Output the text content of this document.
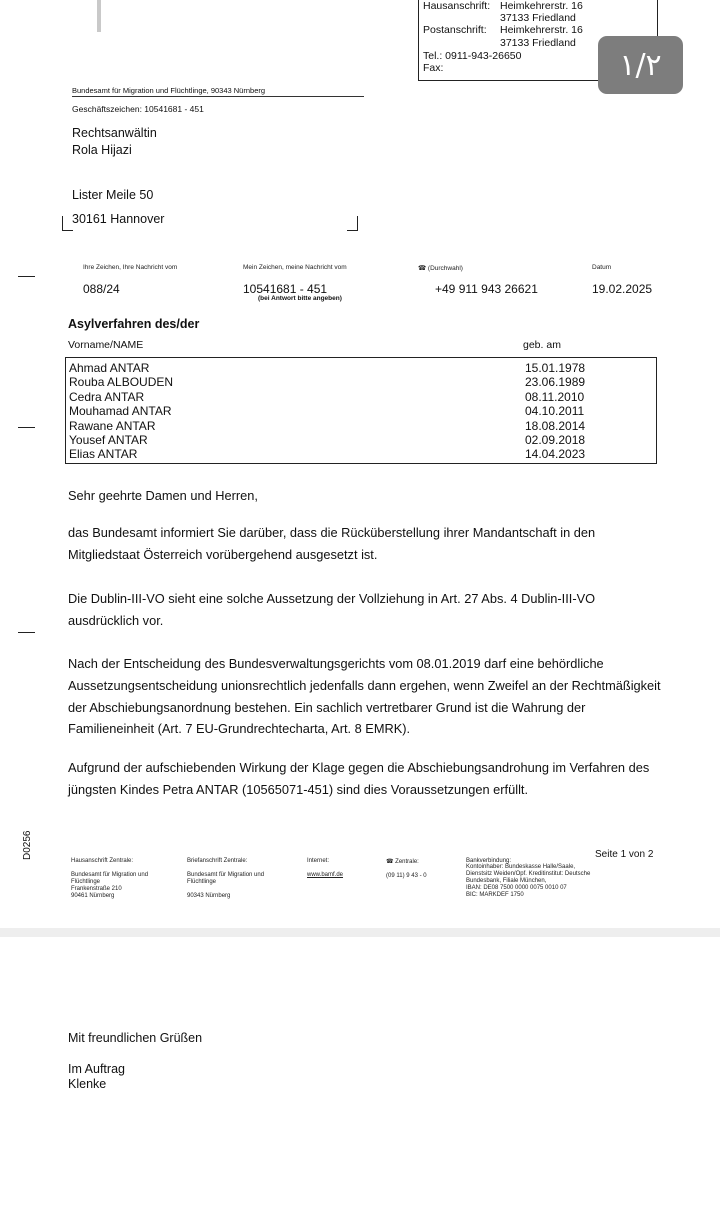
Hausanschrift: Heimkehrerstr. 16
37133 Friedland
Postanschrift: Heimkehrerstr. 16
37133 Friedland
Tel.: 0911-943-26650
Fax:	١/٢
Bundesamt für Migration und Flüchtlinge, 90343 Nürnberg
Geschäftszeichen: 10541681 - 451
Rechtsanwältin
Rola Hijazi
Lister Meile 50
30161 Hannover
Ihre Zeichen, Ihre Nachricht vom	Mein Zeichen, meine Nachricht vom	☎ (Durchwahl)	Datum
088/24	10541681 - 451
(bei Antwort bitte angeben)
+49 911 943 26621	19.02.2025
Asylverfahren des/der
Vorname/NAME	geb. am
Ahmad ANTAR	15.01.1978
Rouba ALBOUDEN	23.06.1989
Cedra ANTAR	08.11.2010
Mouhamad ANTAR	04.10.2011
Rawane ANTAR	18.08.2014
Yousef ANTAR	02.09.2018
Elias ANTAR	14.04.2023
Sehr geehrte Damen und Herren,
das Bundesamt informiert Sie darüber, dass die Rücküberstellung ihrer Mandantschaft in den Mitgliedstaat Österreich vorübergehend ausgesetzt ist.
Die Dublin-III-VO sieht eine solche Aussetzung der Vollziehung in Art. 27 Abs. 4 Dublin-III-VO ausdrücklich vor.
Nach der Entscheidung des Bundesverwaltungsgerichts vom 08.01.2019 darf eine behördliche Aussetzungsentscheidung unionsrechtlich jedenfalls dann ergehen, wenn Zweifel an der Rechtmäßigkeit der Abschiebungsanordnung bestehen. Ein sachlich vertretbarer Grund ist die Wahrung der Familieneinheit (Art. 7 EU-Grundrechtecharta, Art. 8 EMRK).
Aufgrund der aufschiebenden Wirkung der Klage gegen die Abschiebungsandrohung im Verfahren des jüngsten Kindes Petra ANTAR (10565071-451) sind dies Voraussetzungen erfüllt.
D0256	Seite 1 von 2
Hausanschrift Zentrale:
Bundesamt für Migration und
Flüchtlinge
Frankenstraße 210
90461 Nürnberg
Briefanschrift Zentrale:
Bundesamt für Migration und
Flüchtlinge
90343 Nürnberg
Internet:
www.bamf.de
☎ Zentrale:
(09 11) 9 43 - 0
Bankverbindung:
Kontoinhaber: Bundeskasse Halle/Saale,
Dienstsitz Weiden/Opf. Kreditinstitut: Deutsche
Bundesbank, Filiale München,
IBAN: DE08 7500 0000 0075 0010 07
BIC: MARKDEF 1750
Mit freundlichen Grüßen
Im Auftrag
Klenke
